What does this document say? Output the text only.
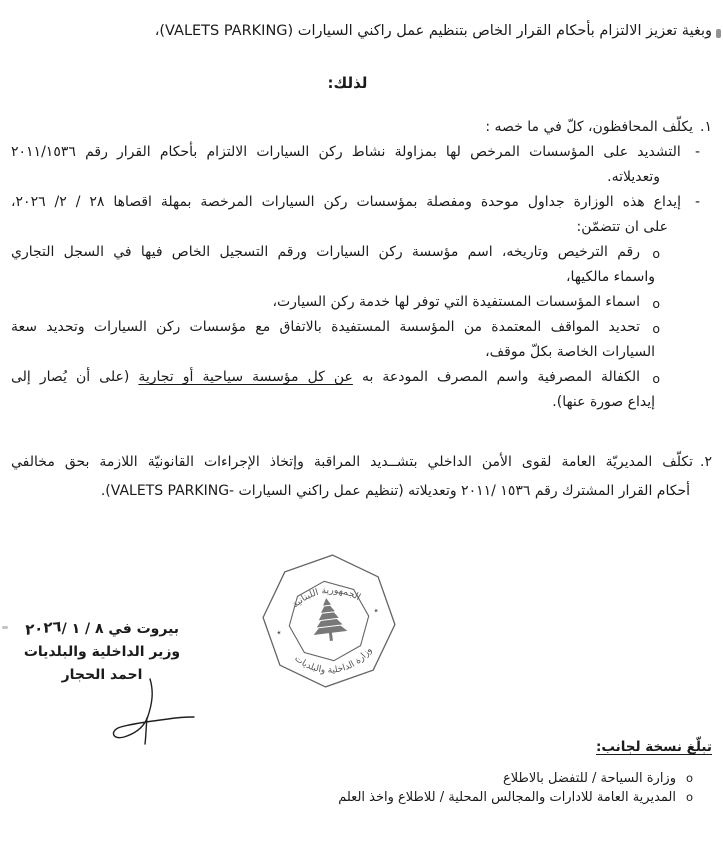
وبغية تعزيز الالتزام بأحكام القرار الخاص بتنظيم عمل راكني السيارات (VALETS PARKING)،
لذلك:
١.يكلّف المحافظون، كلّ في ما خصه :
- التشديد على المؤسسات المرخص لها بمزاولة نشاط ركن السيارات الالتزام بأحكام القرار رقم ٢٠١١/١٥٣٦
وتعديلاته.
- إيداع هذه الوزارة جداول موحدة ومفصلة بمؤسسات ركن السيارات المرخصة بمهلة اقصاها ٢٨ / ٢/ ٢٠٢٦،
على ان تتضمّن:
o
رقم الترخيص وتاريخه، اسم مؤسسة ركن السيارات ورقم التسجيل الخاص فيها في السجل التجاري
واسماء مالكيها،
o
اسماء المؤسسات المستفيدة التي توفر لها خدمة ركن السيارت،
o
تحديد المواقف المعتمدة من المؤسسة المستفيدة بالاتفاق مع مؤسسات ركن السيارات وتحديد سعة
السيارات الخاصة بكلّ موقف،
o
الكفالة المصرفية واسم المصرف المودعة به عن كل مؤسسة سياحية أو تجارية (على أن يُصار إلى
إيداع صورة عنها).
٢.تكلّف المديريّة العامة لقوى الأمن الداخلي بتشــديد المراقبة وإتخاذ الإجراءات القانونيّة اللازمة بحق مخالفي
أحكام القرار المشترك رقم ١٥٣٦ /٢٠١١ وتعديلاته (تنظيم عمل راكني السيارات -VALETS PARKING).
الجمهورية اللبنانية
وزارة الداخلية والبلديات
٭
٭
بيروت في ٨ / ١ /٢٠٢٦
وزير الداخلية والبلديات
احمد الحجار
تبلّغ نسخة لجانب:
o
وزارة السياحة / للتفضل بالاطلاع
o
المديرية العامة للادارات والمجالس المحلية / للاطلاع واخذ العلم
